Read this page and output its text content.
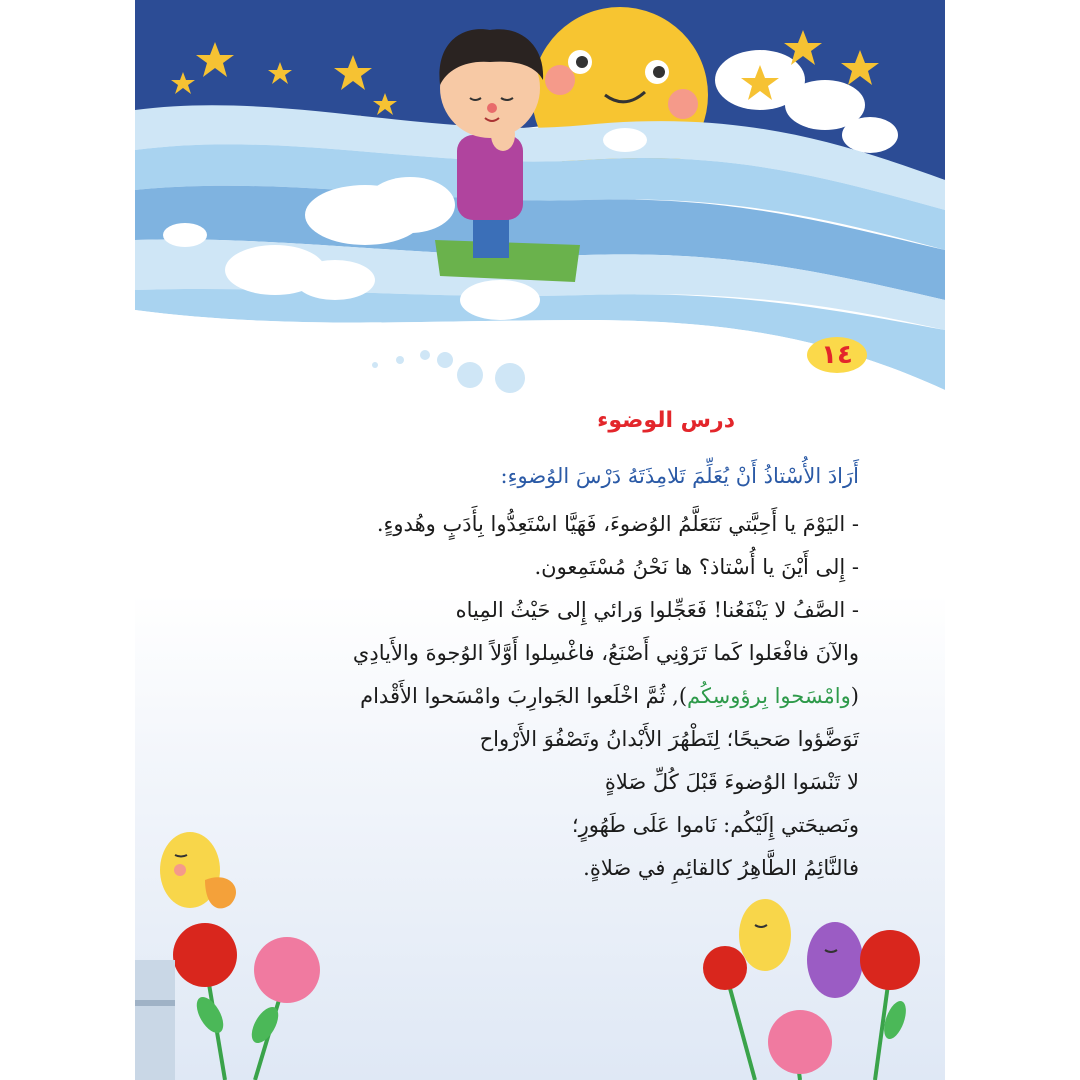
١٤
درس الوضوء
أَرَادَ الأُسْتاذُ أَنْ يُعَلِّمَ تَلامِذَتَهُ دَرْسَ الوُضوءِ:
- اليَوْمَ يا أَحِبَّتي نَتَعَلَّمُ الوُضوءَ، فَهَيَّا اسْتَعِدُّوا بِأَدَبٍ وهُدوءٍ.
- إِلى أَيْنَ يا أُسْتاذ؟ ها نَحْنُ مُسْتَمِعون.
- الصَّفُ لا يَنْفَعُنا! فَعَجِّلوا وَرائي إِلى حَيْثُ المِياه
والآنَ فافْعَلوا كَما تَرَوْنِي أَصْنَعُ، فاغْسِلوا أَوَّلاً الوُجوهَ والأَيادِي
(وامْسَحوا بِرؤوسِكُم), ثُمَّ اخْلَعوا الجَوارِبَ وامْسَحوا الأَقْدام
تَوَضَّؤوا صَحيحًا؛ لِتَطْهُرَ الأَبْدانُ وتَصْفُوَ الأَرْواح
لا تَنْسَوا الوُضوءَ قَبْلَ كُلِّ صَلاةٍ
ونَصيحَتي إِلَيْكُم: نَاموا عَلَى طَهُورٍ؛
فالنَّائِمُ الطَّاهِرُ كالقائِمِ في صَلاةٍ.
